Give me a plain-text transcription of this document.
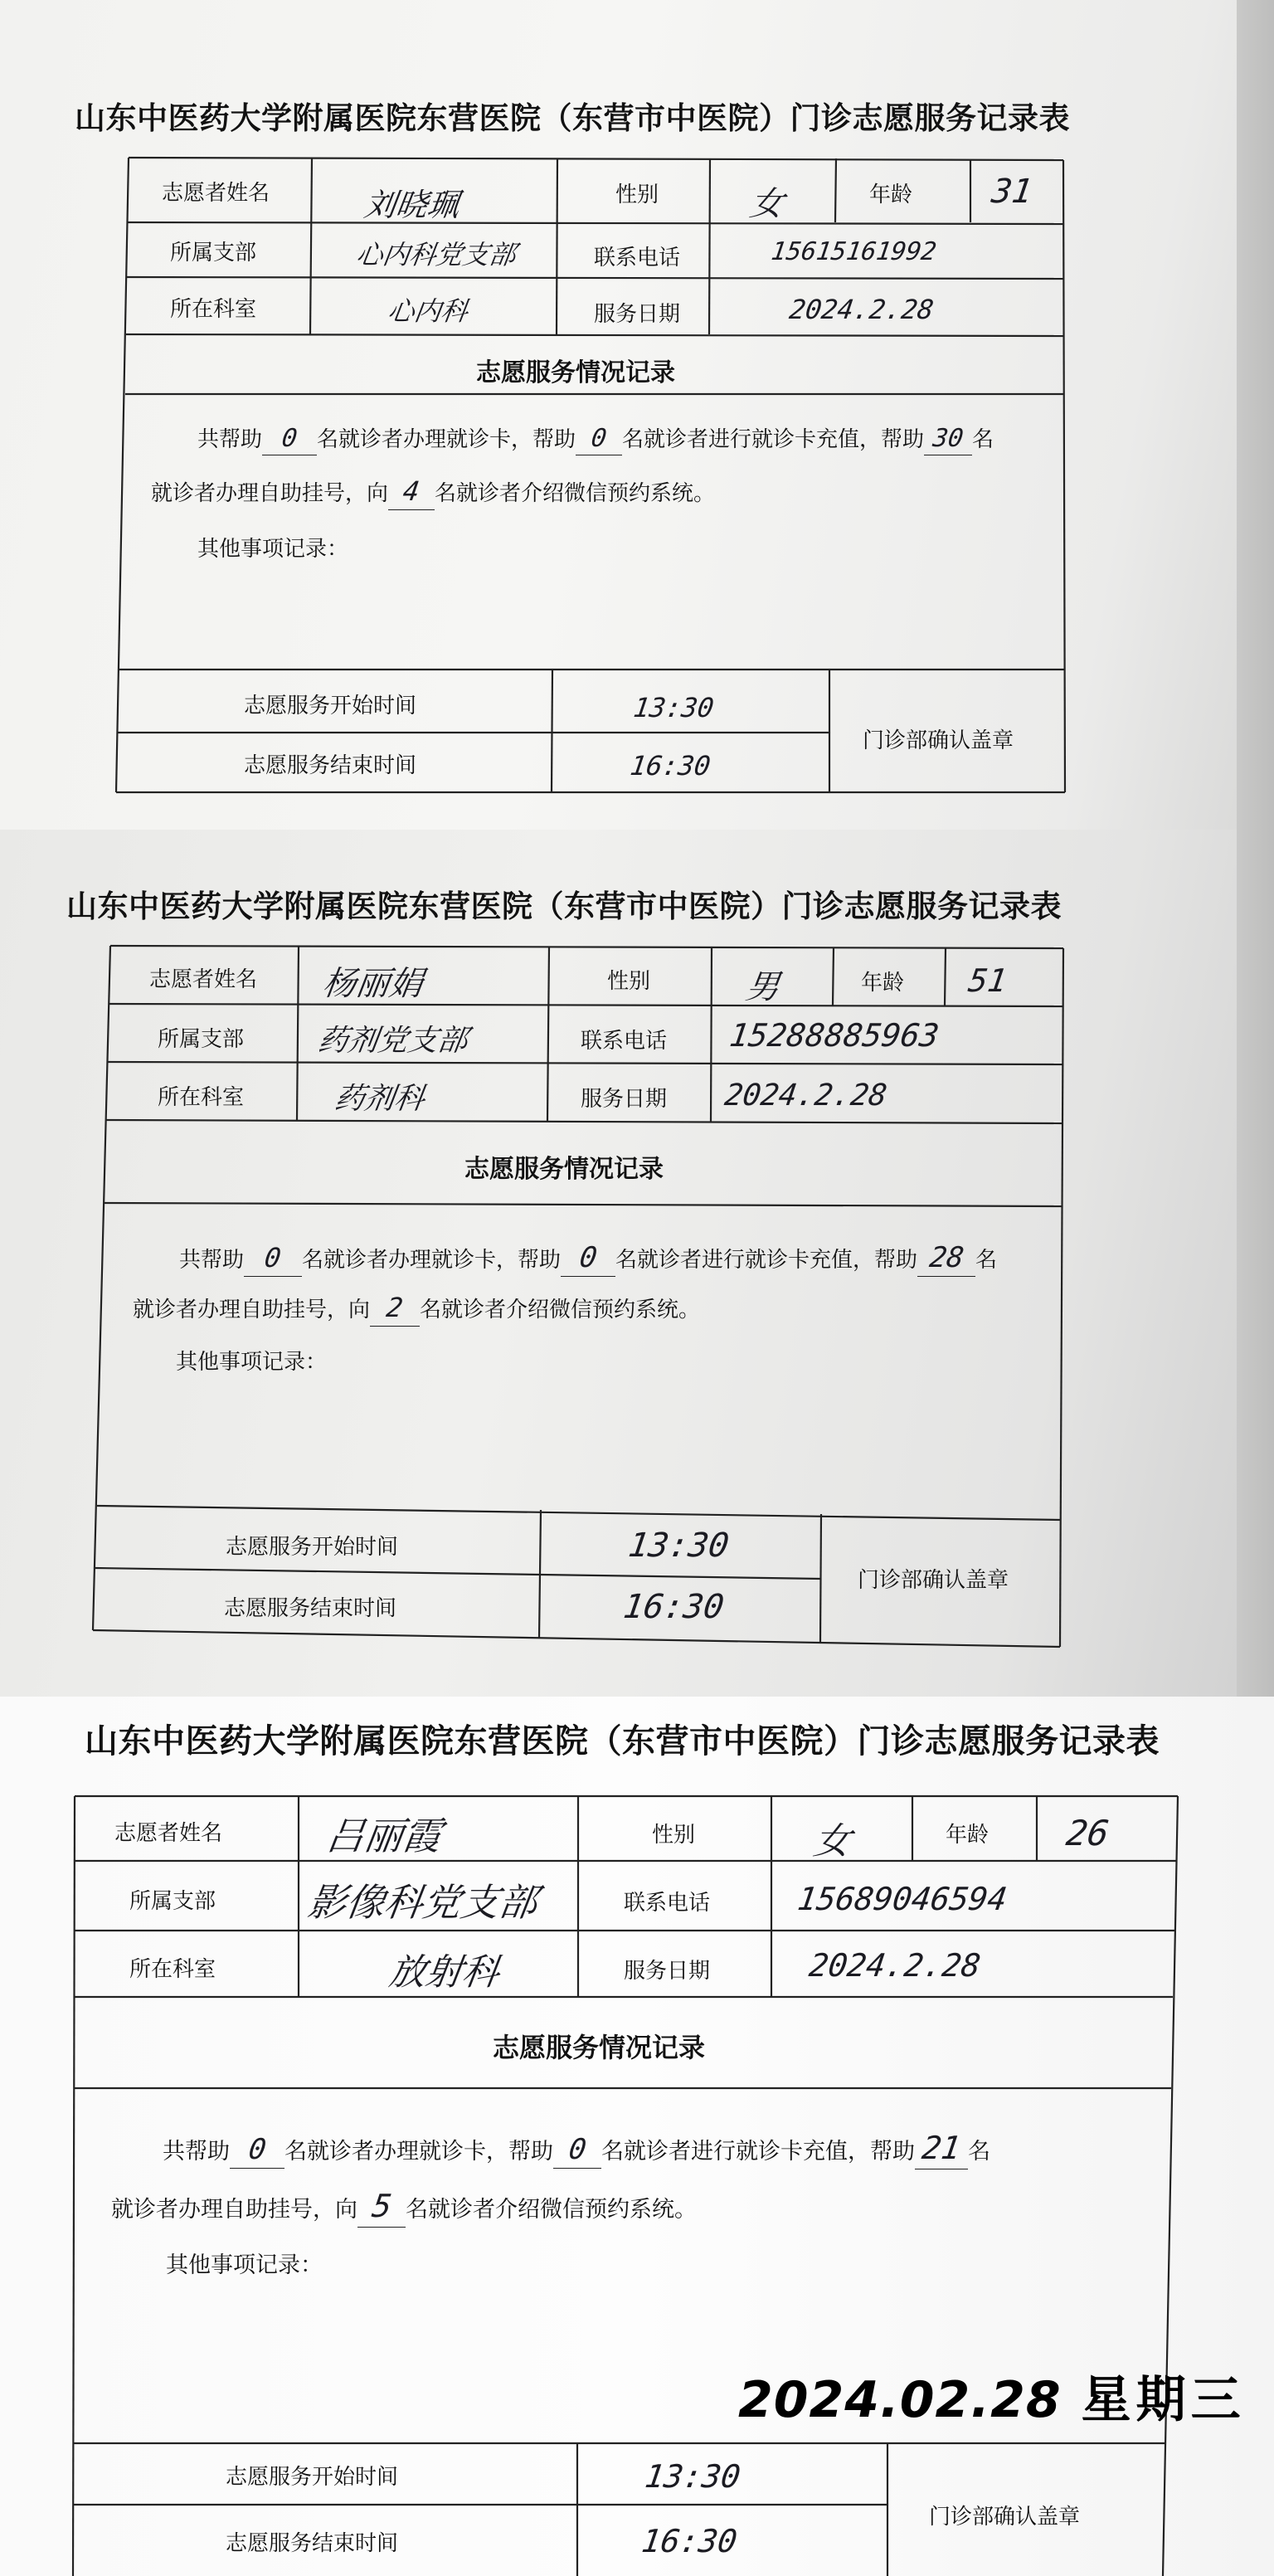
山东中医药大学附属医院东营医院（东营市中医院）门诊志愿服务记录表
志愿者姓名	刘晓珮	性别	女	年龄 31
所属支部	心内科党支部	联系电话	15615161992
所在科室	心内科	服务日期	2024.2.28
志愿服务情况记录
共帮助 0 名就诊者办理就诊卡，帮助 0 名就诊者进行就诊卡充值，帮助 30 名
就诊者办理自助挂号，向 4 名就诊者介绍微信预约系统。
其他事项记录：
志愿服务开始时间	13:30
志愿服务结束时间	16:30
门诊部确认盖章
山东中医药大学附属医院东营医院（东营市中医院）门诊志愿服务记录表
志愿者姓名 杨丽娟	性别	男	年龄 51
所属支部 药剂党支部	联系电话 15288885963
所在科室	药剂科	服务日期 2024.2.28
志愿服务情况记录
共帮助 0 名就诊者办理就诊卡，帮助 0 名就诊者进行就诊卡充值，帮助 28 名
就诊者办理自助挂号，向 2 名就诊者介绍微信预约系统。
其他事项记录：
志愿服务开始时间	13:30
志愿服务结束时间	16:30
门诊部确认盖章
山东中医药大学附属医院东营医院（东营市中医院）门诊志愿服务记录表
志愿者姓名	吕丽霞	性别	女	年龄 26
所属支部 影像科党支部	联系电话	15689046594
所在科室	放射科	服务日期	2024.2.28
志愿服务情况记录
共帮助 0 名就诊者办理就诊卡，帮助 0 名就诊者进行就诊卡充值，帮助 21 名
就诊者办理自助挂号，向 5 名就诊者介绍微信预约系统。
其他事项记录：
志愿服务开始时间	13:30
志愿服务结束时间	16:30
门诊部确认盖章
2024.02.28 星期三
